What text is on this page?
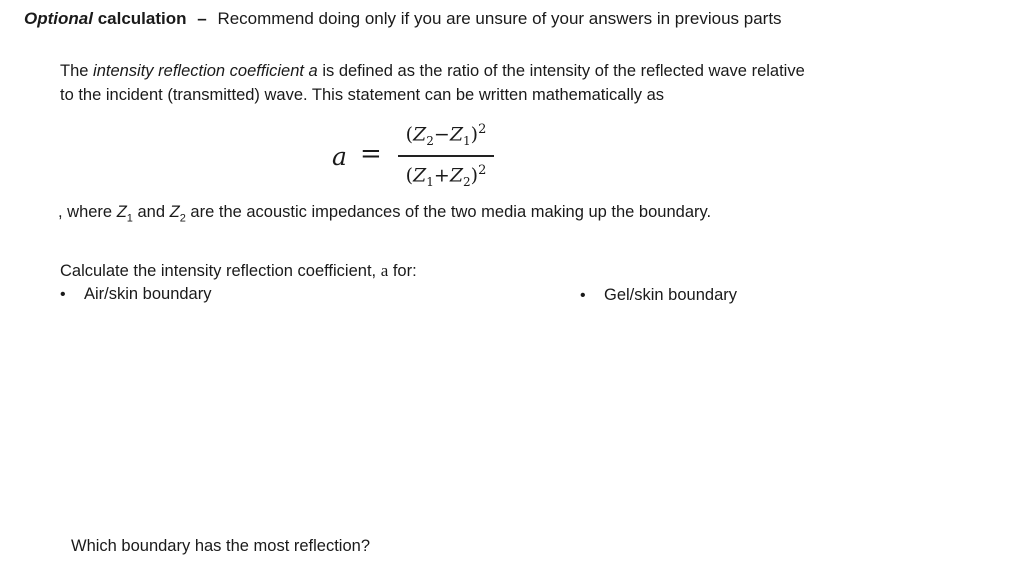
Optional calculation – Recommend doing only if you are unsure of your answers in previous parts
The intensity reflection coefficient a is defined as the ratio of the intensity of the reflected wave relative to the incident (transmitted) wave. This statement can be written mathematically as
a =
$(Z_2-Z_1)^2$
$(Z_1+Z_2)^2$
, where $Z_1$ and $Z_2$ are the acoustic impedances of the two media making up the boundary.
Calculate the intensity reflection coefficient, a for:
• Air/skin boundary	• Gel/skin boundary
Which boundary has the most reflection?
